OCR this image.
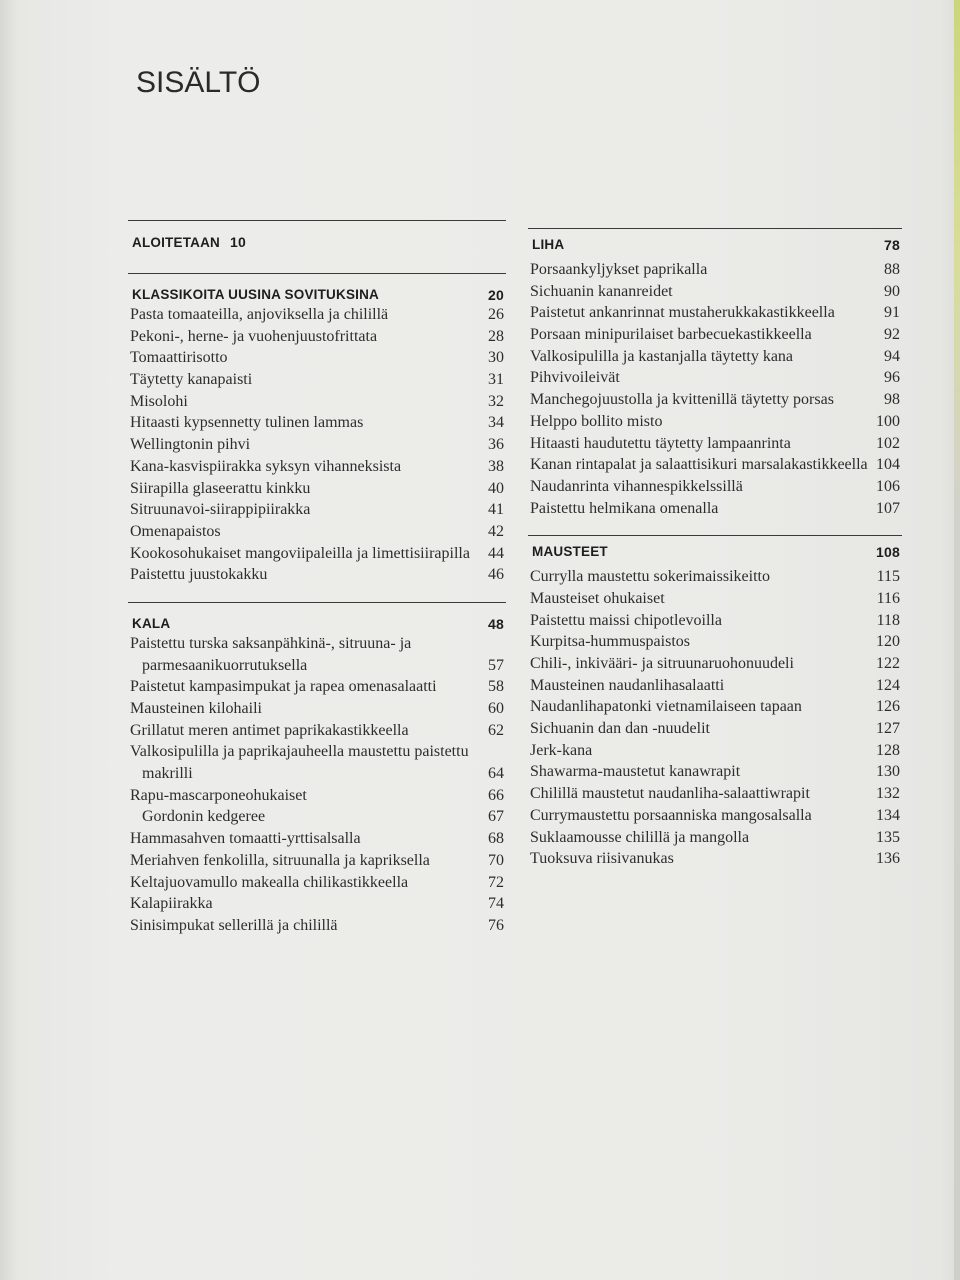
SISÄLTÖ
ALOITETAAN 10
KLASSIKOITA UUSINA SOVITUKSINA	20
Pasta tomaateilla, anjoviksella ja chilillä	26
Pekoni-, herne- ja vuohenjuustofrittata	28
Tomaattirisotto	30
Täytetty kanapaisti	31
Misolohi	32
Hitaasti kypsennetty tulinen lammas	34
Wellingtonin pihvi	36
Kana-kasvispiirakka syksyn vihanneksista	38
Siirapilla glaseerattu kinkku	40
Sitruunavoi-siirappipiirakka	41
Omenapaistos	42
Kookosohukaiset mangoviipaleilla ja limettisiirapilla 44
Paistettu juustokakku	46
KALA	48
Paistettu turska saksanpähkinä-, sitruuna- ja
parmesaanikuorrutuksella	57
Paistetut kampasimpukat ja rapea omenasalaatti	58
Mausteinen kilohaili	60
Grillatut meren antimet paprikakastikkeella	62
Valkosipulilla ja paprikajauheella maustettu paistettu
makrilli	64
Rapu-mascarponeohukaiset	66
Gordonin kedgeree	67
Hammasahven tomaatti-yrttisalsalla	68
Meriahven fenkolilla, sitruunalla ja kapriksella	70
Keltajuovamullo makealla chilikastikkeella	72
Kalapiirakka	74
Sinisimpukat sellerillä ja chilillä	76
LIHA	78
Porsaankyljykset paprikalla	88
Sichuanin kananreidet	90
Paistetut ankanrinnat mustaherukkakastikkeella	91
Porsaan minipurilaiset barbecuekastikkeella	92
Valkosipulilla ja kastanjalla täytetty kana	94
Pihvivoileivät	96
Manchegojuustolla ja kvittenillä täytetty porsas	98
Helppo bollito misto	100
Hitaasti haudutettu täytetty lampaanrinta	102
Kanan rintapalat ja salaattisikuri marsalakastikkeella 104
Naudanrinta vihannespikkelssillä	106
Paistettu helmikana omenalla	107
MAUSTEET	108
Currylla maustettu sokerimaissikeitto	115
Mausteiset ohukaiset	116
Paistettu maissi chipotlevoilla	118
Kurpitsa-hummuspaistos	120
Chili-, inkivääri- ja sitruunaruohonuudeli	122
Mausteinen naudanlihasalaatti	124
Naudanlihapatonki vietnamilaiseen tapaan	126
Sichuanin dan dan -nuudelit	127
Jerk-kana	128
Shawarma-maustetut kanawrapit	130
Chilillä maustetut naudanliha-salaattiwrapit	132
Currymaustettu porsaanniska mangosalsalla	134
Suklaamousse chilillä ja mangolla	135
Tuoksuva riisivanukas	136
